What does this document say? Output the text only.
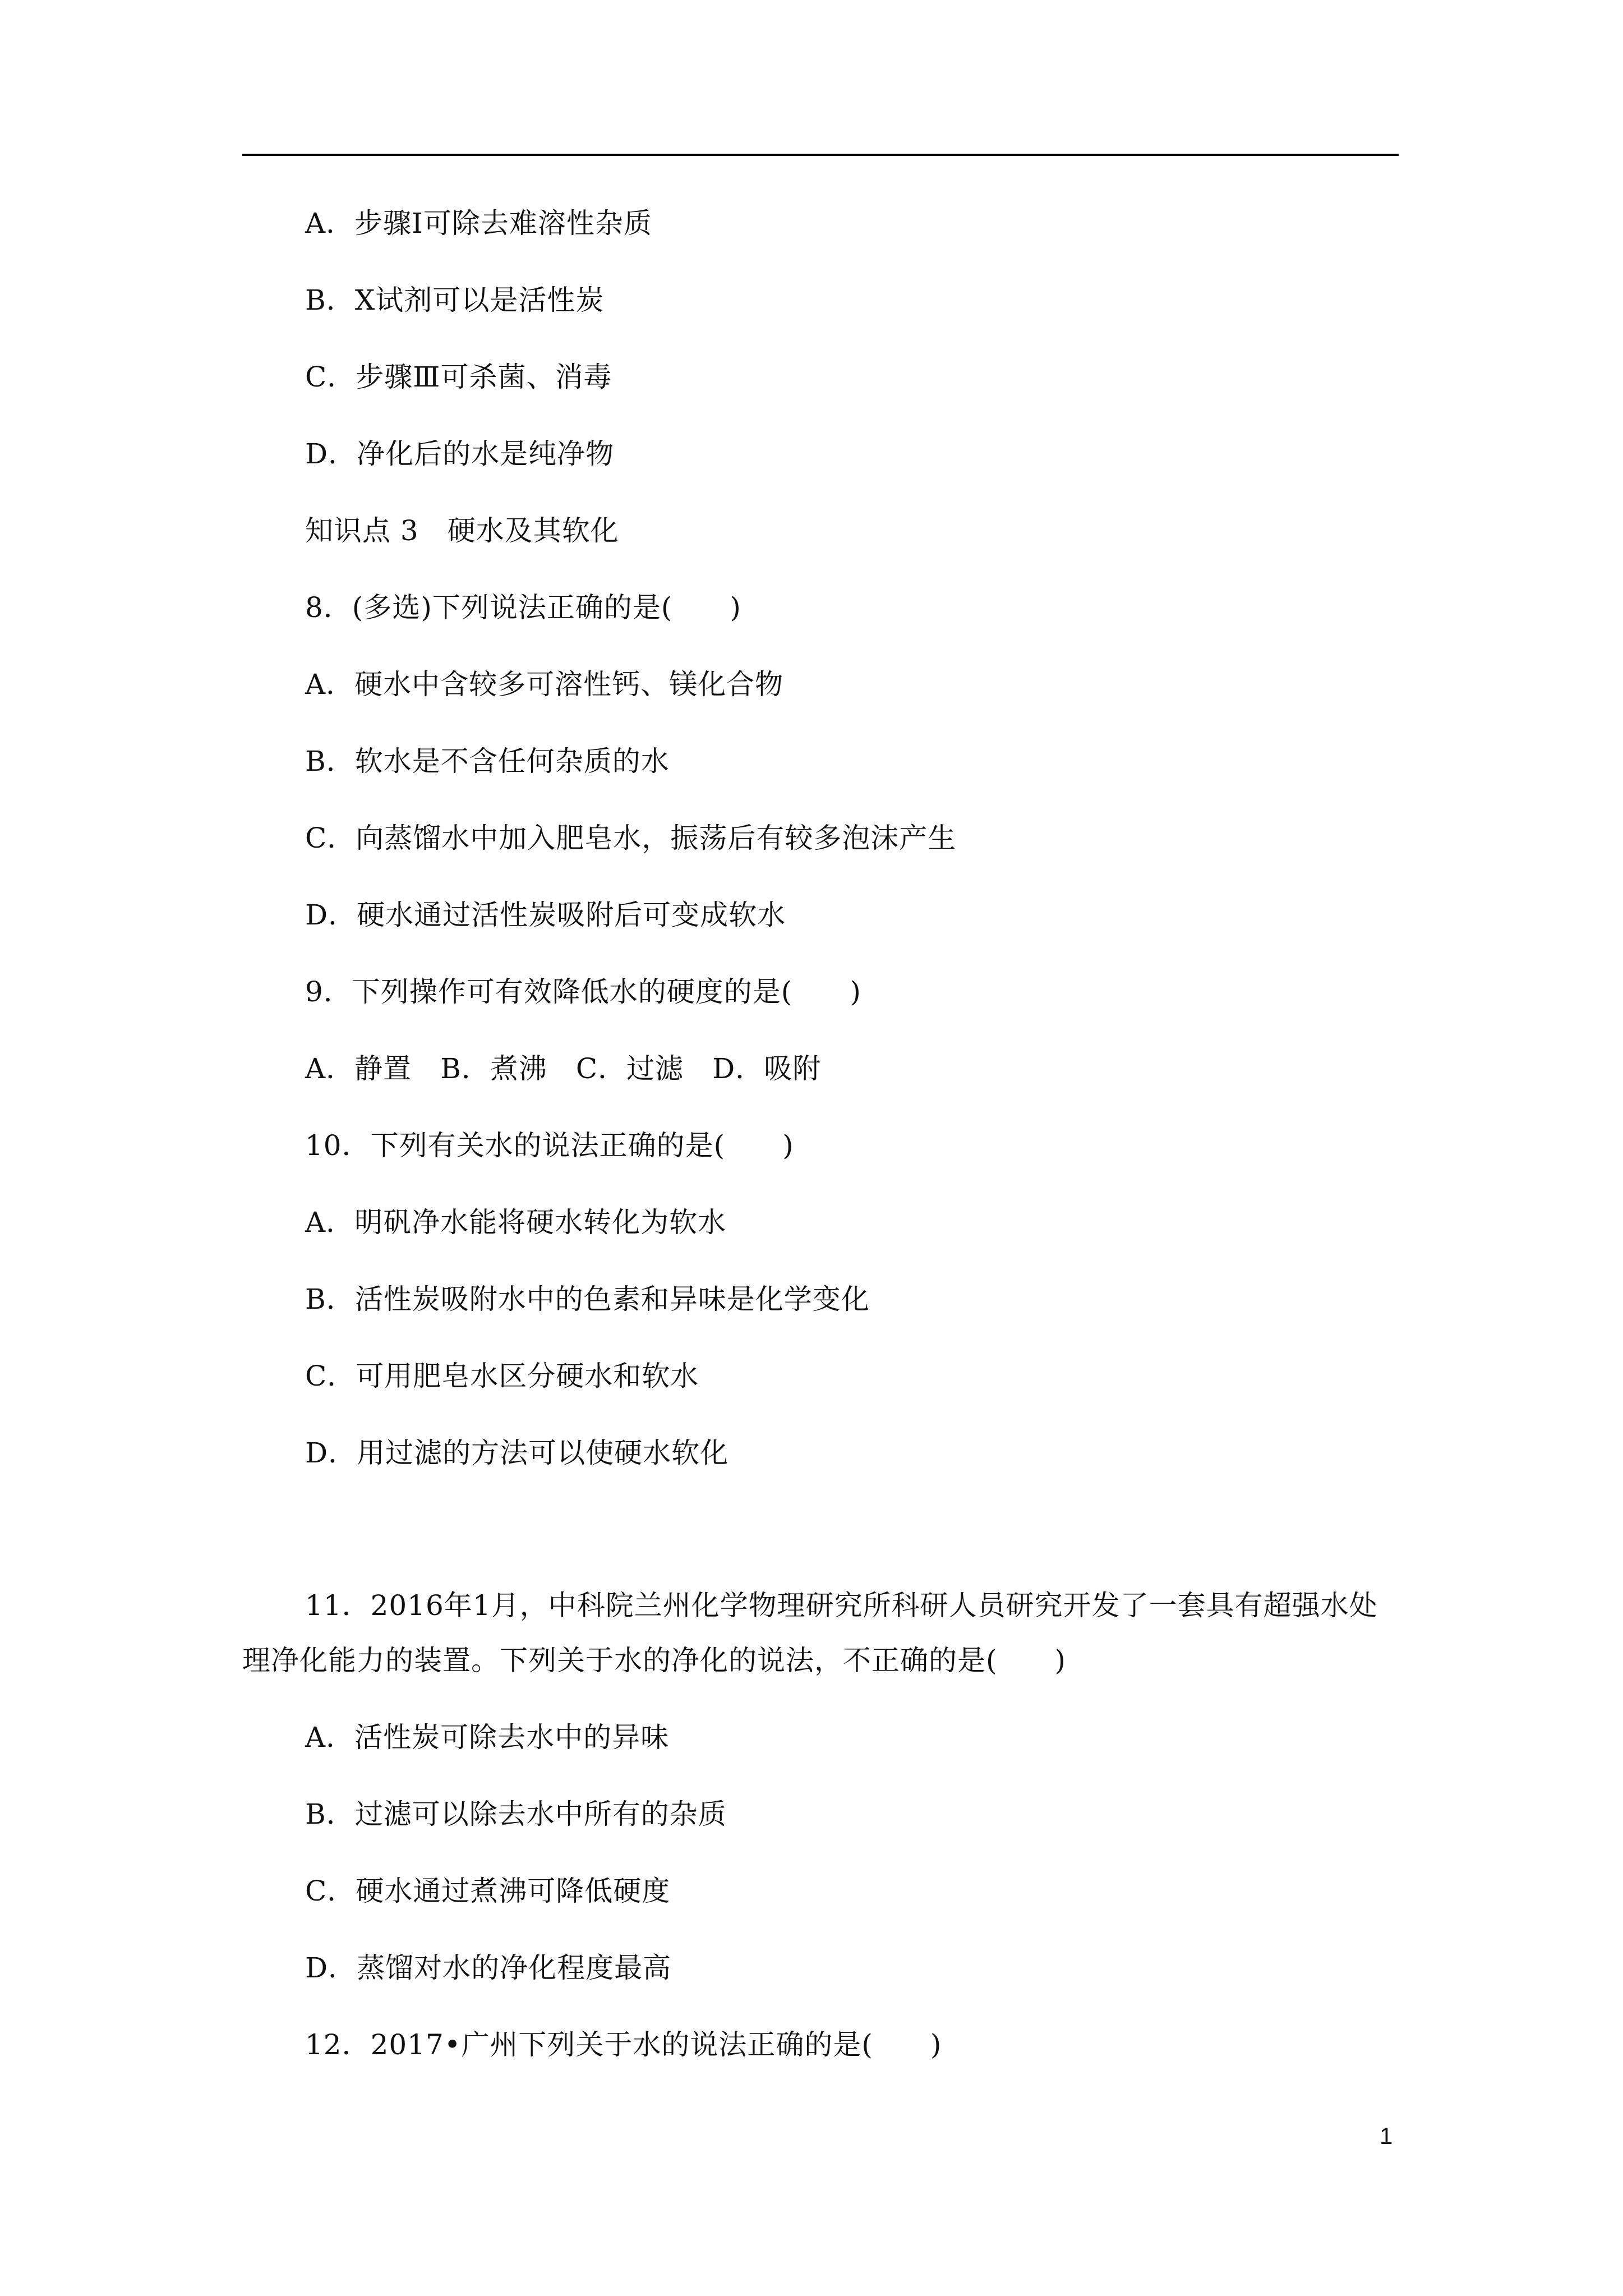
A．步骤Ⅰ可除去难溶性杂质
B．X试剂可以是活性炭
C．步骤Ⅲ可杀菌、消毒
D．净化后的水是纯净物
知识点 3　硬水及其软化
8．(多选)下列说法正确的是(　　)
A．硬水中含较多可溶性钙、镁化合物
B．软水是不含任何杂质的水
C．向蒸馏水中加入肥皂水，振荡后有较多泡沫产生
D．硬水通过活性炭吸附后可变成软水
9．下列操作可有效降低水的硬度的是(　　)
A．静置　B．煮沸　C．过滤　D．吸附
10．下列有关水的说法正确的是(　　)
A．明矾净水能将硬水转化为软水
B．活性炭吸附水中的色素和异味是化学变化
C．可用肥皂水区分硬水和软水
D．用过滤的方法可以使硬水软化
11．2016年1月，中科院兰州化学物理研究所科研人员研究开发了一套具有超强水处
理净化能力的装置。下列关于水的净化的说法，不正确的是(　　)
A．活性炭可除去水中的异味
B．过滤可以除去水中所有的杂质
C．硬水通过煮沸可降低硬度
D．蒸馏对水的净化程度最高
12．2017•广州下列关于水的说法正确的是(　　)
1
